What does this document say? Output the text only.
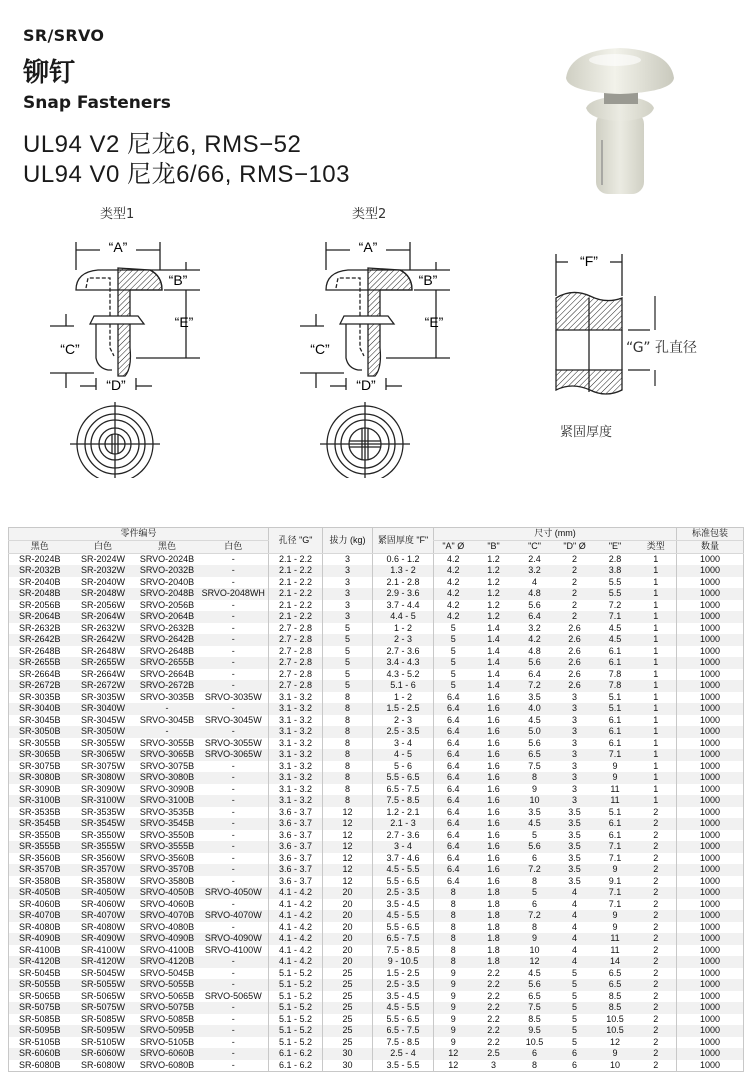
SR/SRVO
铆钉
Snap Fasteners
UL94 V2 尼龙6, RMS−52
UL94 V0 尼龙6/66, RMS−103
类型1
“A”
“B”
“E”
“C”
“D”
类型2
“A”
“B”
“E”
“C”
“D”
“F”
“G” 孔直径
紧固厚度
零件编号				孔径 "G"	拔力 (kg)	紧固厚度 "F"	尺寸 (mm)						标准包装
黑色	白色	黑色	白色				"A" Ø	"B"	"C"	"D" Ø	"E"	类型	数量
SR-2024B	SR-2024W	SRVO-2024B	-	2.1 - 2.2	3	0.6 - 1.2	4.2	1.2	2.4	2	2.8	1	1000
SR-2032B	SR-2032W	SRVO-2032B	-	2.1 - 2.2	3	1.3 - 2	4.2	1.2	3.2	2	3.8	1	1000
SR-2040B	SR-2040W	SRVO-2040B	-	2.1 - 2.2	3	2.1 - 2.8	4.2	1.2	4	2	5.5	1	1000
SR-2048B	SR-2048W	SRVO-2048B	SRVO-2048WH	2.1 - 2.2	3	2.9 - 3.6	4.2	1.2	4.8	2	5.5	1	1000
SR-2056B	SR-2056W	SRVO-2056B	-	2.1 - 2.2	3	3.7 - 4.4	4.2	1.2	5.6	2	7.2	1	1000
SR-2064B	SR-2064W	SRVO-2064B	-	2.1 - 2.2	3	4.4 - 5	4.2	1.2	6.4	2	7.1	1	1000
SR-2632B	SR-2632W	SRVO-2632B	-	2.7 - 2.8	5	1 - 2	5	1.4	3.2	2.6	4.5	1	1000
SR-2642B	SR-2642W	SRVO-2642B	-	2.7 - 2.8	5	2 - 3	5	1.4	4.2	2.6	4.5	1	1000
SR-2648B	SR-2648W	SRVO-2648B	-	2.7 - 2.8	5	2.7 - 3.6	5	1.4	4.8	2.6	6.1	1	1000
SR-2655B	SR-2655W	SRVO-2655B	-	2.7 - 2.8	5	3.4 - 4.3	5	1.4	5.6	2.6	6.1	1	1000
SR-2664B	SR-2664W	SRVO-2664B	-	2.7 - 2.8	5	4.3 - 5.2	5	1.4	6.4	2.6	7.8	1	1000
SR-2672B	SR-2672W	SRVO-2672B	-	2.7 - 2.8	5	5.1 - 6	5	1.4	7.2	2.6	7.8	1	1000
SR-3035B	SR-3035W	SRVO-3035B	SRVO-3035W	3.1 - 3.2	8	1 - 2	6.4	1.6	3.5	3	5.1	1	1000
SR-3040B	SR-3040W	-	-	3.1 - 3.2	8	1.5 - 2.5	6.4	1.6	4.0	3	5.1	1	1000
SR-3045B	SR-3045W	SRVO-3045B	SRVO-3045W	3.1 - 3.2	8	2 - 3	6.4	1.6	4.5	3	6.1	1	1000
SR-3050B	SR-3050W	-	-	3.1 - 3.2	8	2.5 - 3.5	6.4	1.6	5.0	3	6.1	1	1000
SR-3055B	SR-3055W	SRVO-3055B	SRVO-3055W	3.1 - 3.2	8	3 - 4	6.4	1.6	5.6	3	6.1	1	1000
SR-3065B	SR-3065W	SRVO-3065B	SRVO-3065W	3.1 - 3.2	8	4 - 5	6.4	1.6	6.5	3	7.1	1	1000
SR-3075B	SR-3075W	SRVO-3075B	-	3.1 - 3.2	8	5 - 6	6.4	1.6	7.5	3	9	1	1000
SR-3080B	SR-3080W	SRVO-3080B	-	3.1 - 3.2	8	5.5 - 6.5	6.4	1.6	8	3	9	1	1000
SR-3090B	SR-3090W	SRVO-3090B	-	3.1 - 3.2	8	6.5 - 7.5	6.4	1.6	9	3	11	1	1000
SR-3100B	SR-3100W	SRVO-3100B	-	3.1 - 3.2	8	7.5 - 8.5	6.4	1.6	10	3	11	1	1000
SR-3535B	SR-3535W	SRVO-3535B	-	3.6 - 3.7	12	1.2 - 2.1	6.4	1.6	3.5	3.5	5.1	2	1000
SR-3545B	SR-3545W	SRVO-3545B	-	3.6 - 3.7	12	2.1 - 3	6.4	1.6	4.5	3.5	6.1	2	1000
SR-3550B	SR-3550W	SRVO-3550B	-	3.6 - 3.7	12	2.7 - 3.6	6.4	1.6	5	3.5	6.1	2	1000
SR-3555B	SR-3555W	SRVO-3555B	-	3.6 - 3.7	12	3 - 4	6.4	1.6	5.6	3.5	7.1	2	1000
SR-3560B	SR-3560W	SRVO-3560B	-	3.6 - 3.7	12	3.7 - 4.6	6.4	1.6	6	3.5	7.1	2	1000
SR-3570B	SR-3570W	SRVO-3570B	-	3.6 - 3.7	12	4.5 - 5.5	6.4	1.6	7.2	3.5	9	2	1000
SR-3580B	SR-3580W	SRVO-3580B	-	3.6 - 3.7	12	5.5 - 6.5	6.4	1.6	8	3.5	9.1	2	1000
SR-4050B	SR-4050W	SRVO-4050B	SRVO-4050W	4.1 - 4.2	20	2.5 - 3.5	8	1.8	5	4	7.1	2	1000
SR-4060B	SR-4060W	SRVO-4060B	-	4.1 - 4.2	20	3.5 - 4.5	8	1.8	6	4	7.1	2	1000
SR-4070B	SR-4070W	SRVO-4070B	SRVO-4070W	4.1 - 4.2	20	4.5 - 5.5	8	1.8	7.2	4	9	2	1000
SR-4080B	SR-4080W	SRVO-4080B	-	4.1 - 4.2	20	5.5 - 6.5	8	1.8	8	4	9	2	1000
SR-4090B	SR-4090W	SRVO-4090B	SRVO-4090W	4.1 - 4.2	20	6.5 - 7.5	8	1.8	9	4	11	2	1000
SR-4100B	SR-4100W	SRVO-4100B	SRVO-4100W	4.1 - 4.2	20	7.5 - 8.5	8	1.8	10	4	11	2	1000
SR-4120B	SR-4120W	SRVO-4120B	-	4.1 - 4.2	20	9 - 10.5	8	1.8	12	4	14	2	1000
SR-5045B	SR-5045W	SRVO-5045B	-	5.1 - 5.2	25	1.5 - 2.5	9	2.2	4.5	5	6.5	2	1000
SR-5055B	SR-5055W	SRVO-5055B	-	5.1 - 5.2	25	2.5 - 3.5	9	2.2	5.6	5	6.5	2	1000
SR-5065B	SR-5065W	SRVO-5065B	SRVO-5065W	5.1 - 5.2	25	3.5 - 4.5	9	2.2	6.5	5	8.5	2	1000
SR-5075B	SR-5075W	SRVO-5075B	-	5.1 - 5.2	25	4.5 - 5.5	9	2.2	7.5	5	8.5	2	1000
SR-5085B	SR-5085W	SRVO-5085B	-	5.1 - 5.2	25	5.5 - 6.5	9	2.2	8.5	5	10.5	2	1000
SR-5095B	SR-5095W	SRVO-5095B	-	5.1 - 5.2	25	6.5 - 7.5	9	2.2	9.5	5	10.5	2	1000
SR-5105B	SR-5105W	SRVO-5105B	-	5.1 - 5.2	25	7.5 - 8.5	9	2.2	10.5	5	12	2	1000
SR-6060B	SR-6060W	SRVO-6060B	-	6.1 - 6.2	30	2.5 - 4	12	2.5	6	6	9	2	1000
SR-6080B	SR-6080W	SRVO-6080B	-	6.1 - 6.2	30	3.5 - 5.5	12	3	8	6	10	2	1000
